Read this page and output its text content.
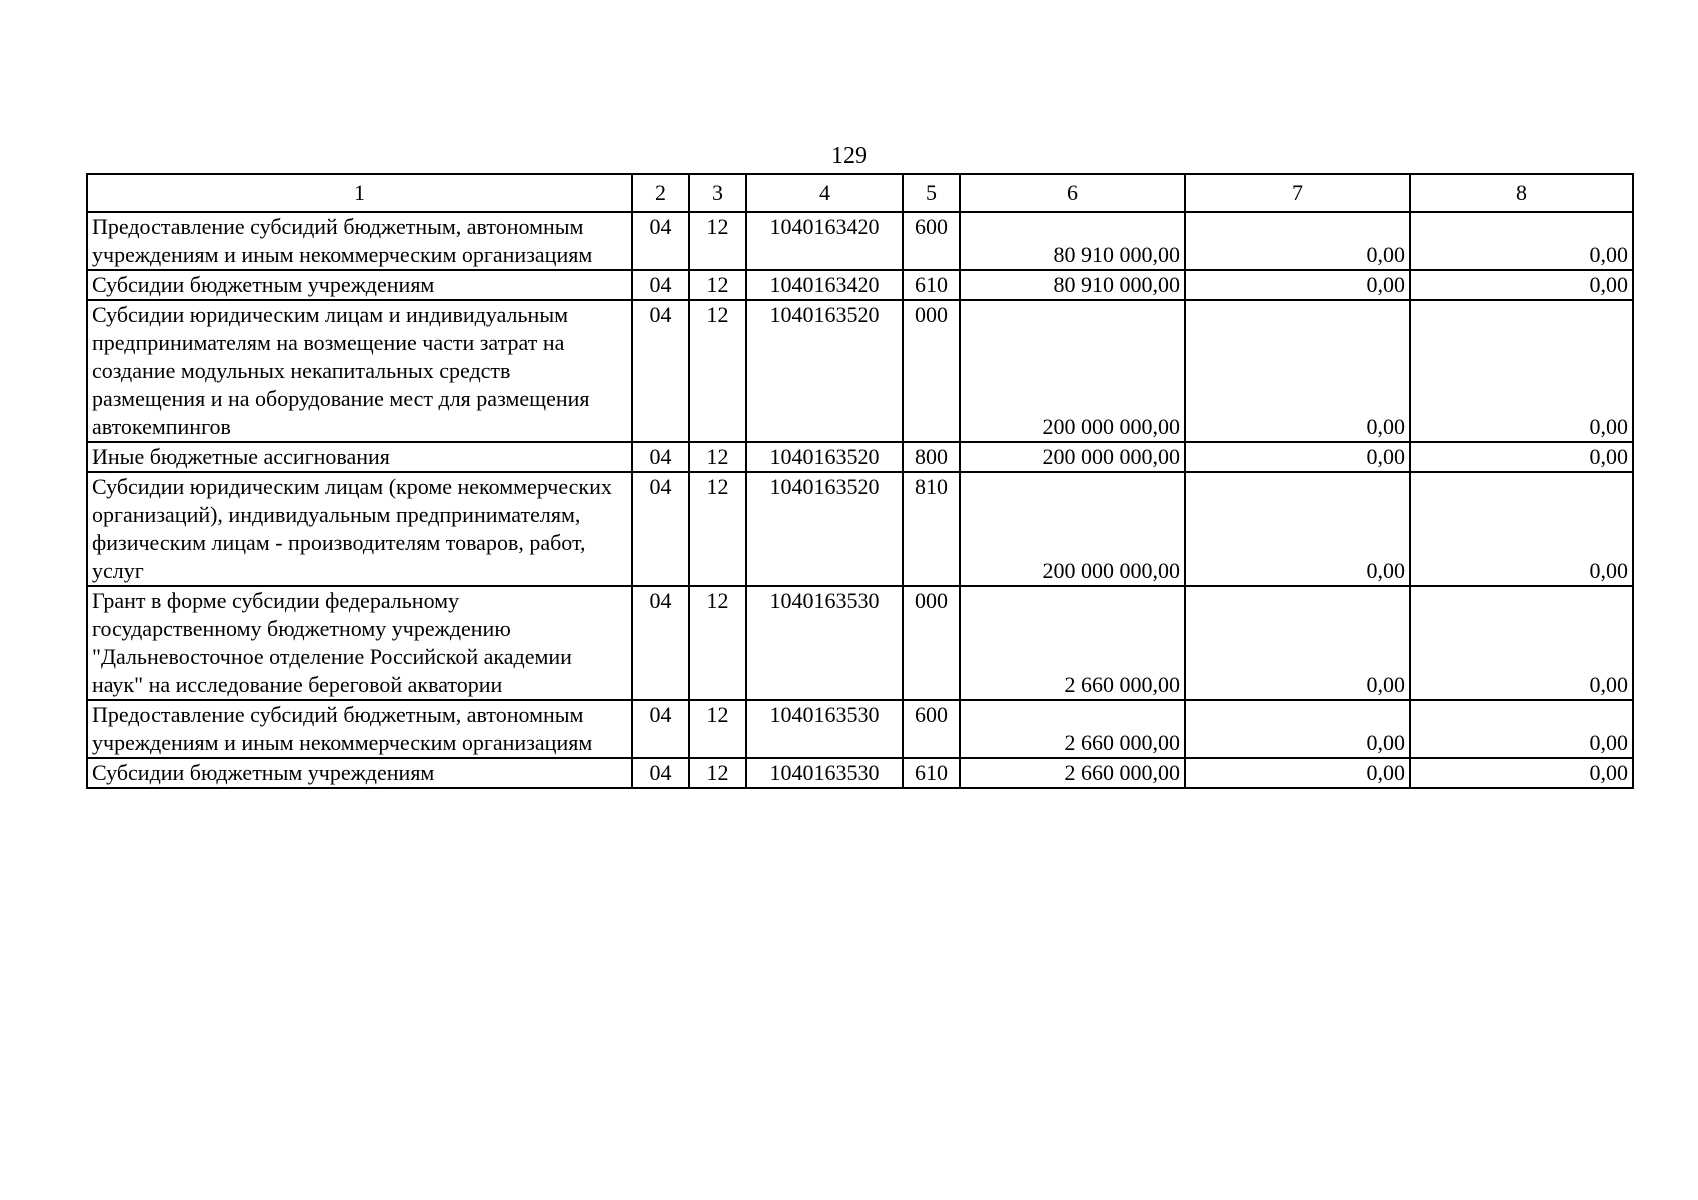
129
1	2	3	4	5	6	7	8
Предоставление субсидий бюджетным, автономным учреждениям и иным некоммерческим организациям	04	12	1040163420	600	80 910 000,00	0,00	0,00
Субсидии бюджетным учреждениям	04	12	1040163420	610	80 910 000,00	0,00	0,00
Субсидии юридическим лицам и индивидуальным предпринимателям на возмещение части затрат на создание модульных некапитальных средств размещения и на оборудование мест для размещения автокемпингов	04	12	1040163520	000	200 000 000,00	0,00	0,00
Иные бюджетные ассигнования	04	12	1040163520	800	200 000 000,00	0,00	0,00
Субсидии юридическим лицам (кроме некоммерческих организаций), индивидуальным предпринимателям, физическим лицам - производителям товаров, работ, услуг	04	12	1040163520	810	200 000 000,00	0,00	0,00
Грант в форме субсидии федеральному государственному бюджетному учреждению "Дальневосточное отделение Российской академии наук" на исследование береговой акватории	04	12	1040163530	000	2 660 000,00	0,00	0,00
Предоставление субсидий бюджетным, автономным учреждениям и иным некоммерческим организациям	04	12	1040163530	600	2 660 000,00	0,00	0,00
Субсидии бюджетным учреждениям	04	12	1040163530	610	2 660 000,00	0,00	0,00
